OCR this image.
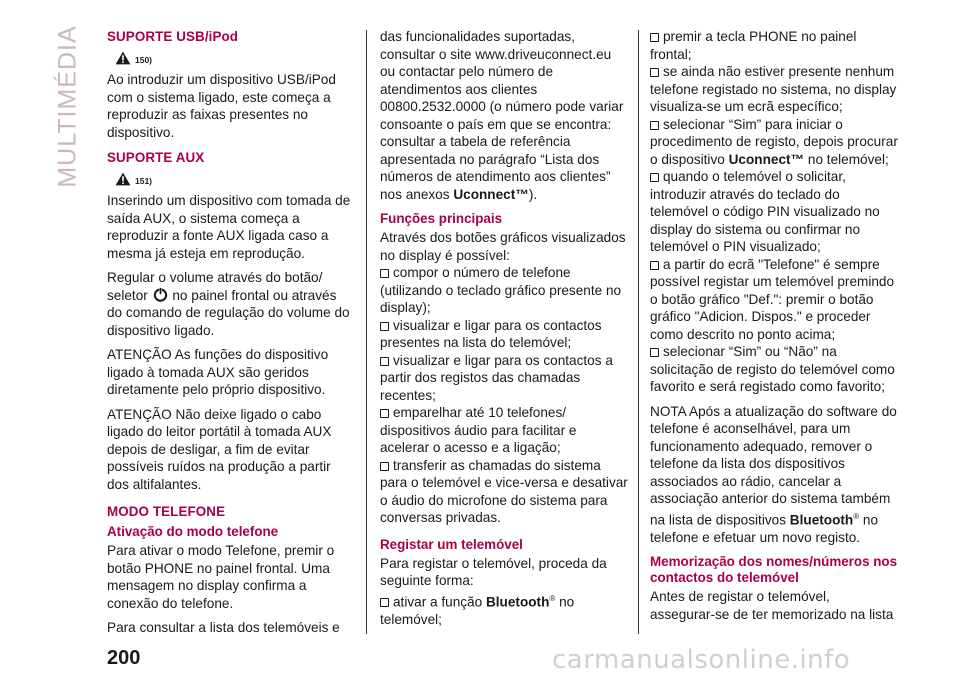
MULTIMÉDIA SUPORTE USB/iPod
150)

Ao introduzir um dispositivo USB/iPod com o sistema ligado, este começa a reproduzir as faixas presentes no dispositivo.

SUPORTE AUX
151)

Inserindo um dispositivo com tomada de saída AUX, o sistema começa a reproduzir a fonte AUX ligada caso a mesma já esteja em reprodução.

Regular o volume através do botão/ seletor no painel frontal ou através do comando de regulação do volume do dispositivo ligado.

ATENÇÃO As funções do dispositivo ligado à tomada AUX são geridos diretamente pelo próprio dispositivo.

ATENÇÃO Não deixe ligado o cabo ligado do leitor portátil à tomada AUX depois de desligar, a fim de evitar possíveis ruídos na produção a partir dos altifalantes.

MODO TELEFONE
Ativação do modo telefone

Para ativar o modo Telefone, premir o botão PHONE no painel frontal. Uma mensagem no display confirma a conexão do telefone.

Para consultar a lista dos telemóveis e

das funcionalidades suportadas, consultar o site www.driveuconnect.eu ou contactar pelo número de atendimentos aos clientes 00800.2532.0000 (o número pode variar consoante o país em que se encontra: consultar a tabela de referência apresentada no parágrafo “Lista dos números de atendimento aos clientes” nos anexos Uconnect™).

Funções principais

Através dos botões gráficos visualizados no display é possível:

compor o número de telefone (utilizando o teclado gráfico presente no display);
visualizar e ligar para os contactos presentes na lista do telemóvel;
visualizar e ligar para os contactos a partir dos registos das chamadas recentes;
emparelhar até 10 telefones/ dispositivos áudio para facilitar e acelerar o acesso e a ligação;
transferir as chamadas do sistema para o telemóvel e vice-versa e desativar o áudio do microfone do sistema para conversas privadas.
Registar um telemóvel

Para registar o telemóvel, proceda da seguinte forma:

ativar a função Bluetooth® no telemóvel;
premir a tecla PHONE no painel frontal;
se ainda não estiver presente nenhum telefone registado no sistema, no display visualiza-se um ecrã específico;
selecionar “Sim” para iniciar o procedimento de registo, depois procurar o dispositivo Uconnect™ no telemóvel;
quando o telemóvel o solicitar, introduzir através do teclado do telemóvel o código PIN visualizado no display do sistema ou confirmar no telemóvel o PIN visualizado;
a partir do ecrã "Telefone" é sempre possível registar um telemóvel premindo o botão gráfico "Def.": premir o botão gráfico "Adicion. Dispos." e proceder como descrito no ponto acima;
selecionar “Sim” ou “Não” na solicitação de registo do telemóvel como favorito e será registado como favorito;

NOTA Após a atualização do software do telefone é aconselhável, para um funcionamento adequado, remover o telefone da lista dos dispositivos associados ao rádio, cancelar a associação anterior do sistema também na lista de dispositivos Bluetooth® no telefone e efetuar um novo registo.

Memorização dos nomes/números nos contactos do telemóvel

Antes de registar o telemóvel, assegurar-se de ter memorizado na lista

200	carmanualsonline.info
